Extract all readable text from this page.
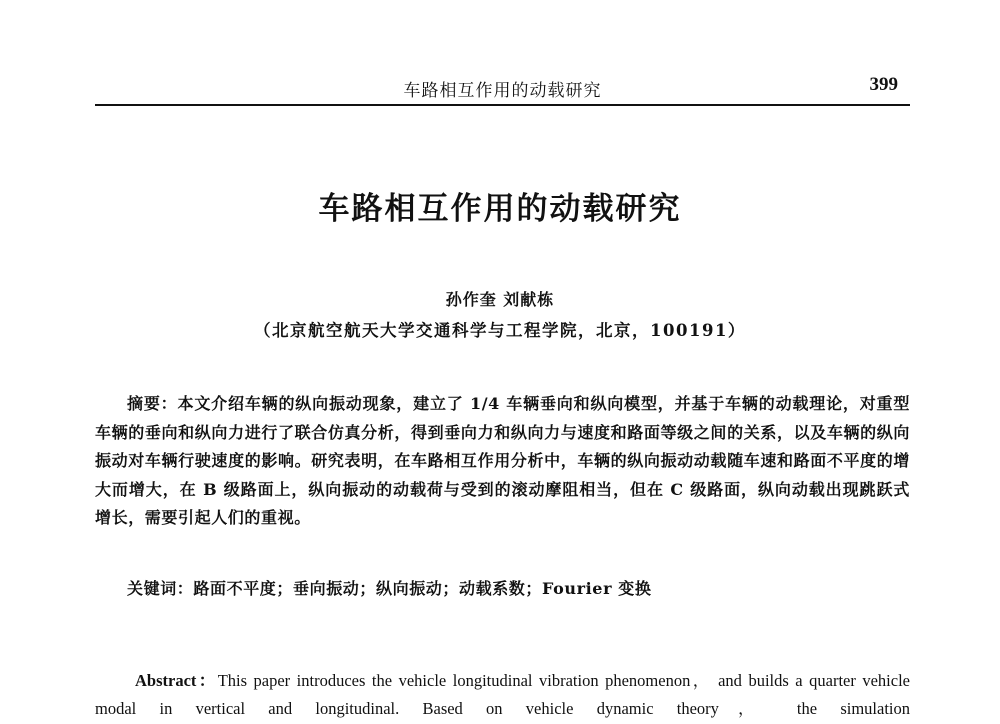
车路相互作用的动载研究	399
车路相互作用的动载研究
孙作奎 刘献栋
（北京航空航天大学交通科学与工程学院，北京，100191）
摘要：本文介绍车辆的纵向振动现象，建立了 1/4 车辆垂向和纵向模型，并基于车辆的动载理论，对重型车辆的垂向和纵向力进行了联合仿真分析，得到垂向力和纵向力与速度和路面等级之间的关系，以及车辆的纵向振动对车辆行驶速度的影响。研究表明，在车路相互作用分析中，车辆的纵向振动动载随车速和路面不平度的增大而增大，在 B 级路面上，纵向振动的动载荷与受到的滚动摩阻相当，但在 C 级路面，纵向动载出现跳跃式增长，需要引起人们的重视。
关键词：路面不平度；垂向振动；纵向振动；动载系数；Fourier 变换
Abstract：This paper introduces the vehicle longitudinal vibration phenomenon， and builds a quarter vehicle modal in vertical and longitudinal. Based on vehicle dynamic theory， the simulation
